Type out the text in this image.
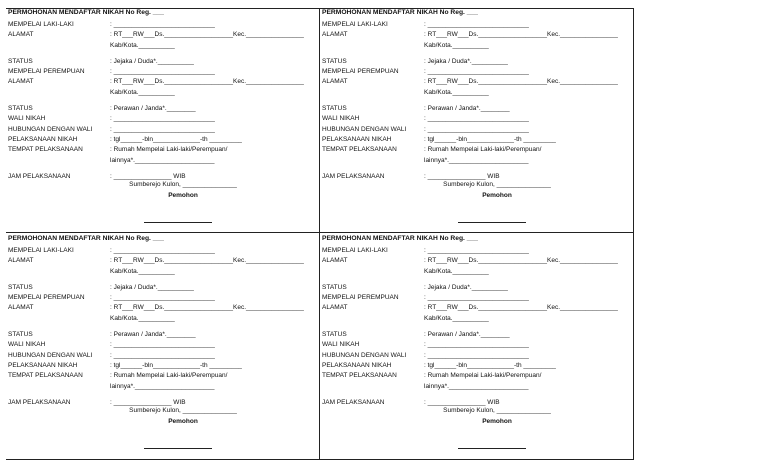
PERMOHONAN MENDAFTAR NIKAH No Reg. ___
MEMPELAI LAKI-LAKI	: ____________________________
ALAMAT	: RT___RW___Ds.___________________Kec.________________
Kab/Kota.__________
STATUS	: Jejaka / Duda*.__________
MEMPELAI PEREMPUAN	: ____________________________
ALAMAT	: RT___RW___Ds.___________________Kec.________________
Kab/Kota.__________
STATUS	: Perawan / Janda*.________
WALI NIKAH	: ____________________________
HUBUNGAN DENGAN WALI	: ____________________________
PELAKSANAAN NIKAH	: tgl______-bln_____________-th _________
TEMPAT PELAKSANAAN	: Rumah Mempelai Laki-laki/Perempuan/
lainnya*.______________________
JAM PELAKSANAAN	: ________________ WIB
Sumberejo Kulon, _______________
Pemohon
PERMOHONAN MENDAFTAR NIKAH No Reg. ___
MEMPELAI LAKI-LAKI	: ____________________________
ALAMAT	: RT___RW___Ds.___________________Kec.________________
Kab/Kota.__________
STATUS	: Jejaka / Duda*.__________
MEMPELAI PEREMPUAN	: ____________________________
ALAMAT	: RT___RW___Ds.___________________Kec.________________
Kab/Kota.__________
STATUS	: Perawan / Janda*.________
WALI NIKAH	: ____________________________
HUBUNGAN DENGAN WALI	: ____________________________
PELAKSANAAN NIKAH	: tgl______-bln_____________-th _________
TEMPAT PELAKSANAAN	: Rumah Mempelai Laki-laki/Perempuan/
lainnya*.______________________
JAM PELAKSANAAN	: ________________ WIB
Sumberejo Kulon, _______________
Pemohon
PERMOHONAN MENDAFTAR NIKAH No Reg. ___
MEMPELAI LAKI-LAKI	: ____________________________
ALAMAT	: RT___RW___Ds.___________________Kec.________________
Kab/Kota.__________
STATUS	: Jejaka / Duda*.__________
MEMPELAI PEREMPUAN	: ____________________________
ALAMAT	: RT___RW___Ds.___________________Kec.________________
Kab/Kota.__________
STATUS	: Perawan / Janda*.________
WALI NIKAH	: ____________________________
HUBUNGAN DENGAN WALI	: ____________________________
PELAKSANAAN NIKAH	: tgl______-bln_____________-th _________
TEMPAT PELAKSANAAN	: Rumah Mempelai Laki-laki/Perempuan/
lainnya*.______________________
JAM PELAKSANAAN	: ________________ WIB
Sumberejo Kulon, _______________
Pemohon
PERMOHONAN MENDAFTAR NIKAH No Reg. ___
MEMPELAI LAKI-LAKI	: ____________________________
ALAMAT	: RT___RW___Ds.___________________Kec.________________
Kab/Kota.__________
STATUS	: Jejaka / Duda*.__________
MEMPELAI PEREMPUAN	: ____________________________
ALAMAT	: RT___RW___Ds.___________________Kec.________________
Kab/Kota.__________
STATUS	: Perawan / Janda*.________
WALI NIKAH	: ____________________________
HUBUNGAN DENGAN WALI	: ____________________________
PELAKSANAAN NIKAH	: tgl______-bln_____________-th _________
TEMPAT PELAKSANAAN	: Rumah Mempelai Laki-laki/Perempuan/
lainnya*.______________________
JAM PELAKSANAAN	: ________________ WIB
Sumberejo Kulon, _______________
Pemohon
